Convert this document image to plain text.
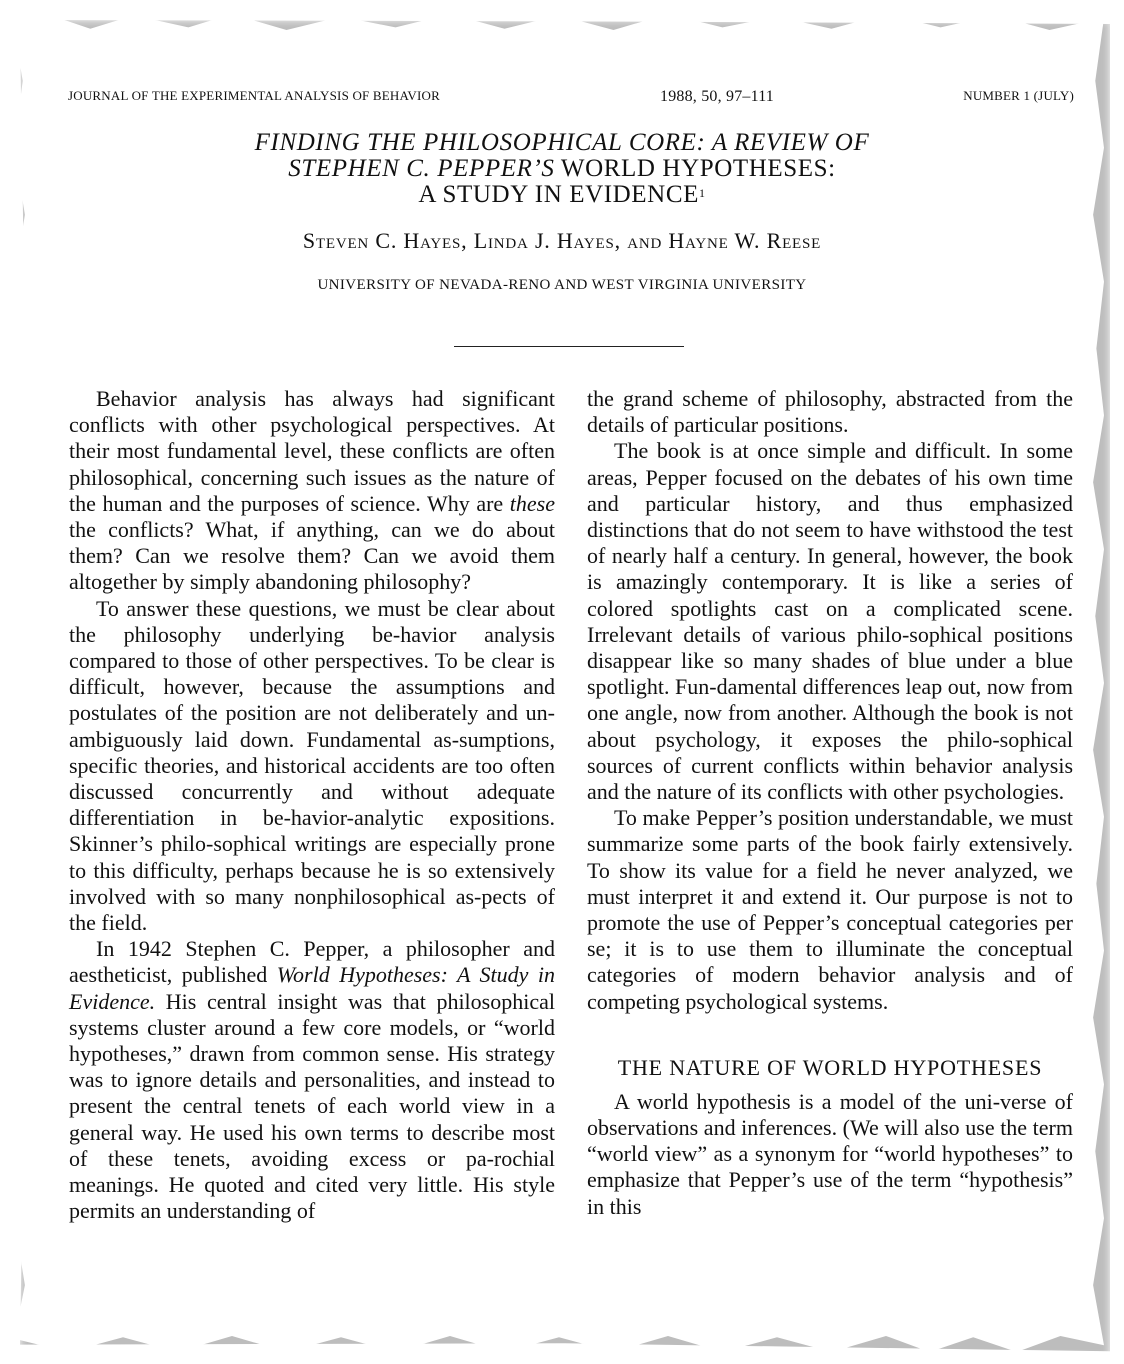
JOURNAL OF THE EXPERIMENTAL ANALYSIS OF BEHAVIOR	1988, 50, 97–111	NUMBER 1 (JULY)
FINDING THE PHILOSOPHICAL CORE: A REVIEW OF
STEPHEN C. PEPPER’S WORLD HYPOTHESES:
A STUDY IN EVIDENCE$^1$
Steven C. Hayes, Linda J. Hayes, and Hayne W. Reese
UNIVERSITY OF NEVADA-RENO AND WEST VIRGINIA UNIVERSITY

Behavior analysis has always had significant conflicts with other psychological perspectives. At their most fundamental level, these conflicts are often philosophical, concerning such issues as the nature of the human and the purposes of science. Why are these the conflicts? What, if anything, can we do about them? Can we resolve them? Can we avoid them altogether by simply abandoning philosophy?

To answer these questions, we must be clear about the philosophy underlying be-havior analysis compared to those of other perspectives. To be clear is difficult, however, because the assumptions and postulates of the position are not deliberately and un-ambiguously laid down. Fundamental as-sumptions, specific theories, and historical accidents are too often discussed concurrently and without adequate differentiation in be-havior-analytic expositions. Skinner’s philo-sophical writings are especially prone to this difficulty, perhaps because he is so extensively involved with so many nonphilosophical as-pects of the field.

In 1942 Stephen C. Pepper, a philosopher and aestheticist, published World Hypotheses: A Study in Evidence. His central insight was that philosophical systems cluster around a few core models, or “world hypotheses,” drawn from common sense. His strategy was to ignore details and personalities, and instead to present the central tenets of each world view in a general way. He used his own terms to describe most of these tenets, avoiding excess or pa-rochial meanings. He quoted and cited very little. His style permits an understanding of

the grand scheme of philosophy, abstracted from the details of particular positions.

The book is at once simple and difficult. In some areas, Pepper focused on the debates of his own time and particular history, and thus emphasized distinctions that do not seem to have withstood the test of nearly half a century. In general, however, the book is amazingly contemporary. It is like a series of colored spotlights cast on a complicated scene. Irrelevant details of various philo-sophical positions disappear like so many shades of blue under a blue spotlight. Fun-damental differences leap out, now from one angle, now from another. Although the book is not about psychology, it exposes the philo-sophical sources of current conflicts within behavior analysis and the nature of its conflicts with other psychologies.

To make Pepper’s position understandable, we must summarize some parts of the book fairly extensively. To show its value for a field he never analyzed, we must interpret it and extend it. Our purpose is not to promote the use of Pepper’s conceptual categories per se; it is to use them to illuminate the conceptual categories of modern behavior analysis and of competing psychological systems.

THE NATURE OF WORLD HYPOTHESES

A world hypothesis is a model of the uni-verse of observations and inferences. (We will also use the term “world view” as a synonym for “world hypotheses” to emphasize that Pepper’s use of the term “hypothesis” in this
